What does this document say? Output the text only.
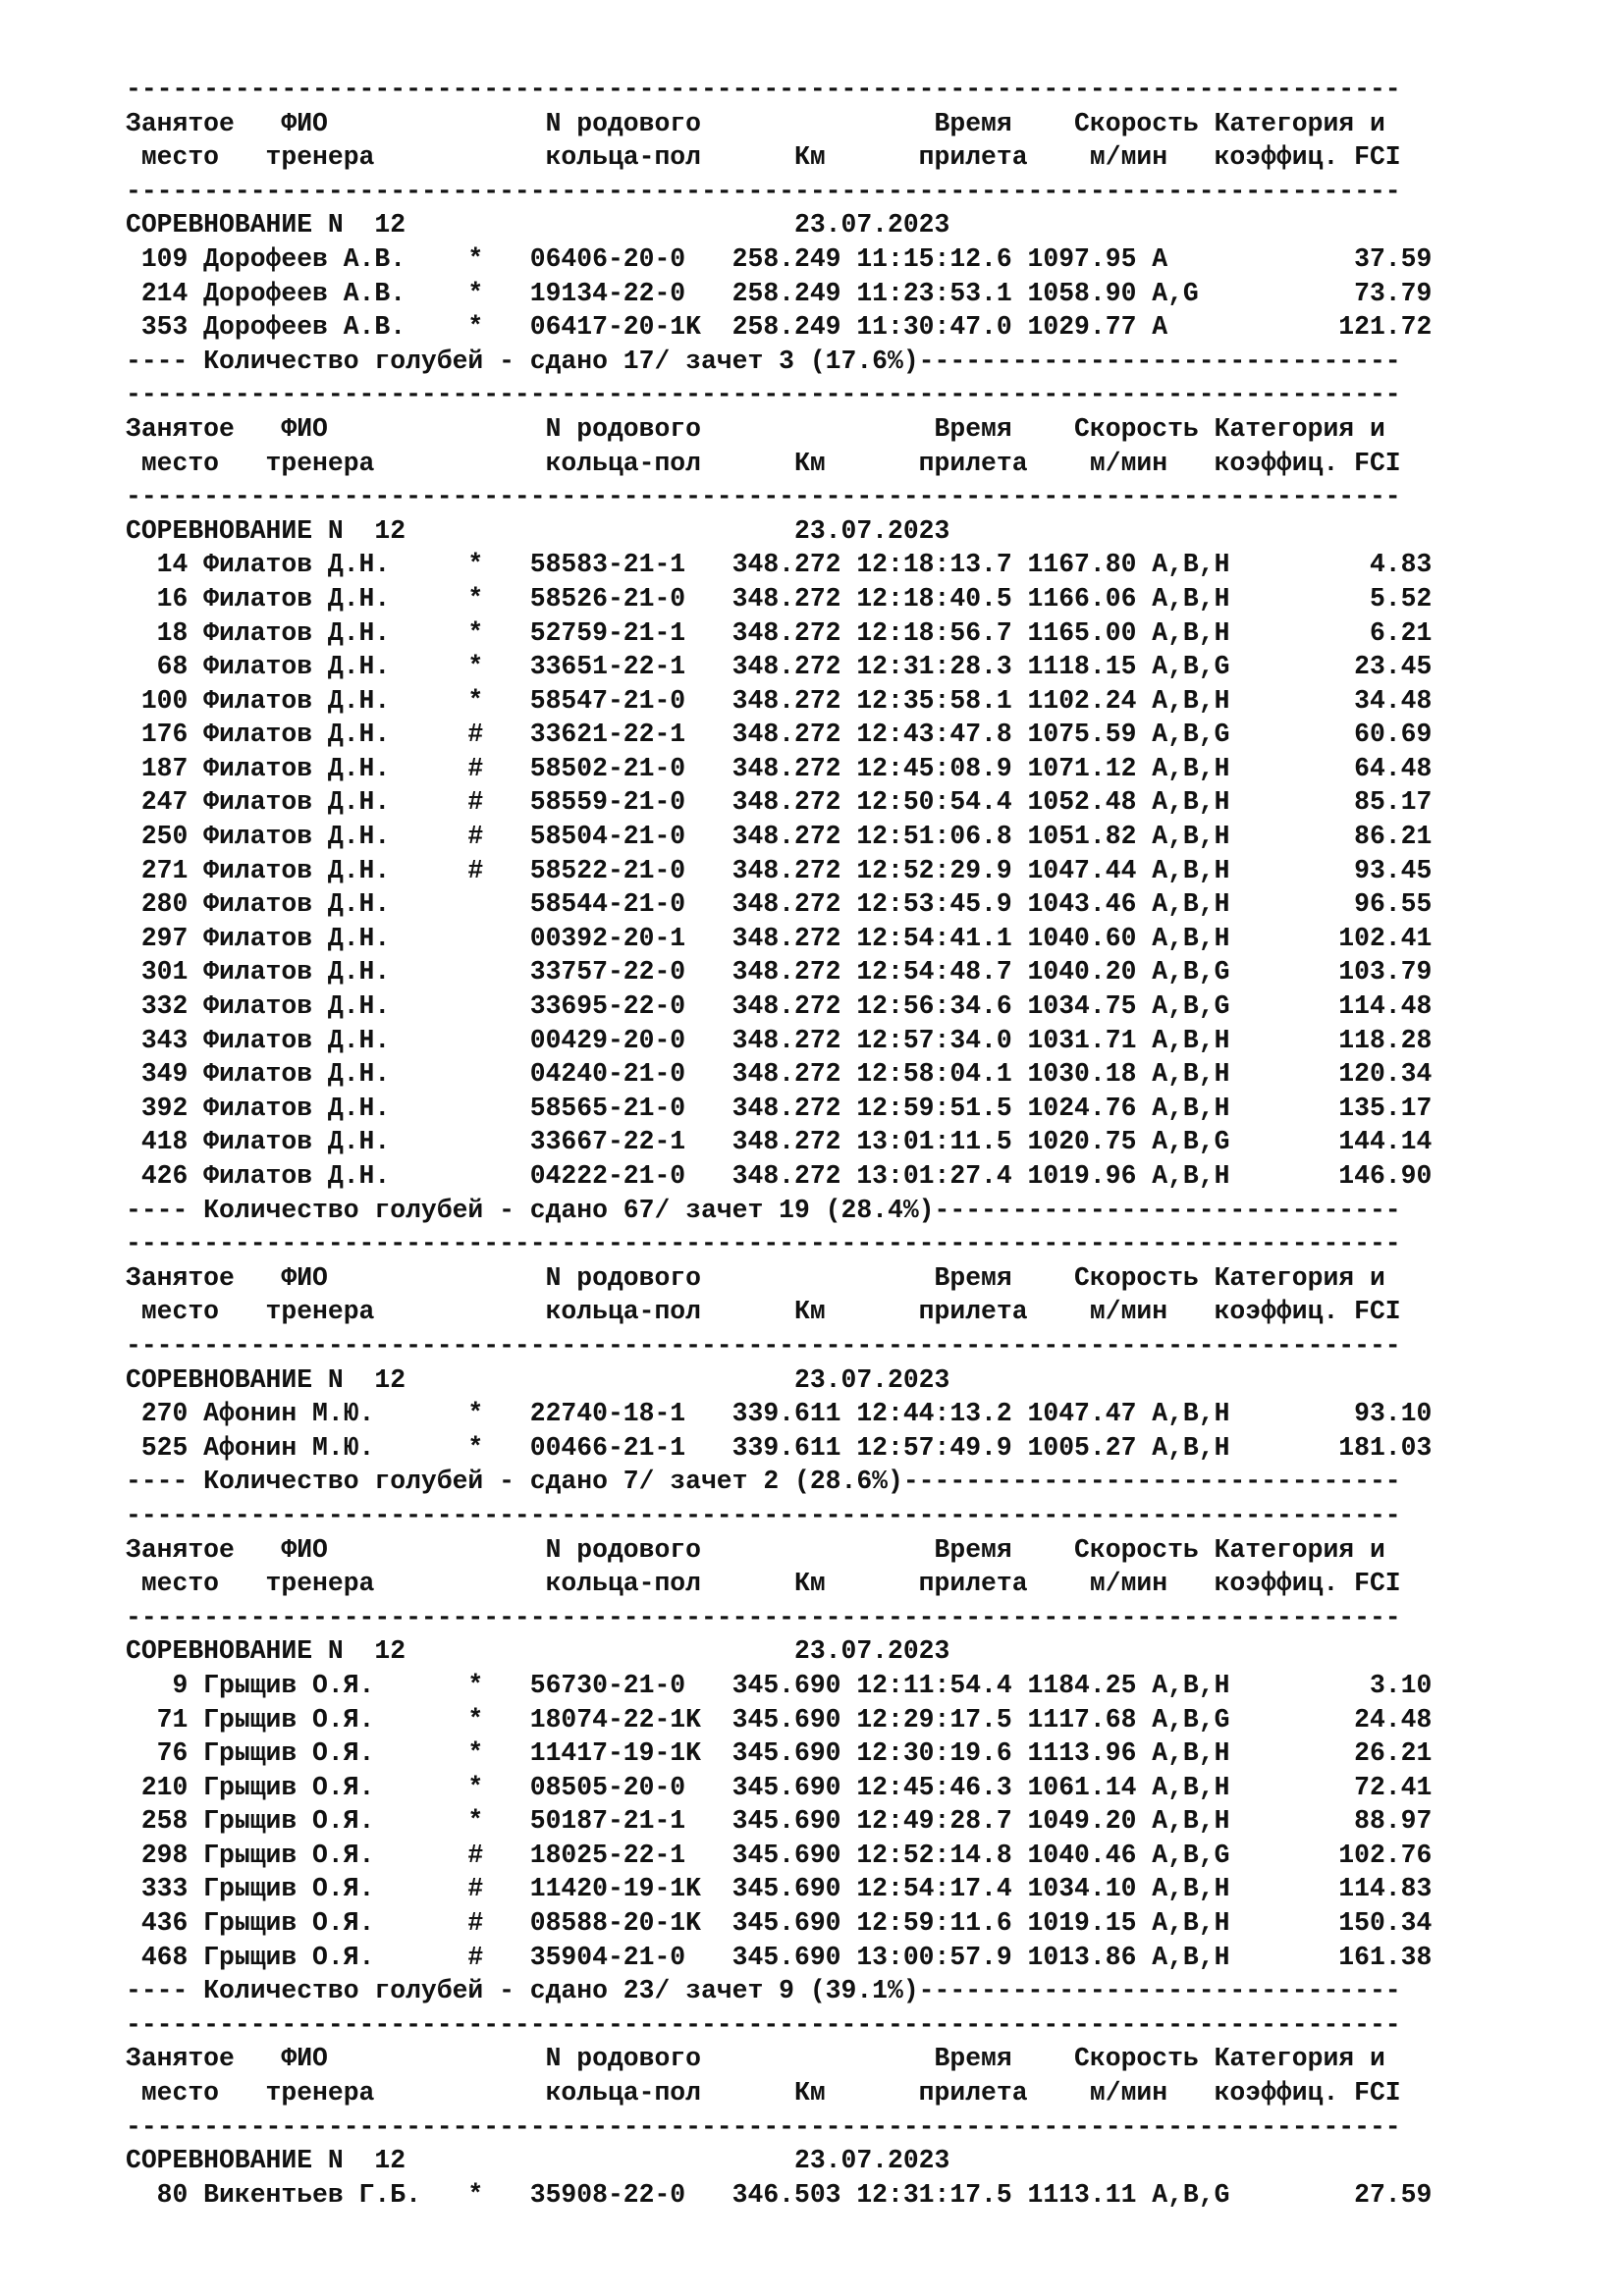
----------------------------------------------------------------------------------
Занятое   ФИО              N родового               Время    Скорость Категория и
место   тренера           кольца-пол      Км      прилета    м/мин   коэффиц. FCI
----------------------------------------------------------------------------------
СОРЕВНОВАНИЕ N  12                         23.07.2023
109 Дорофеев А.В.    *   06406-20-0   258.249 11:15:12.6 1097.95 A            37.59
214 Дорофеев А.В.    *   19134-22-0   258.249 11:23:53.1 1058.90 A,G          73.79
353 Дорофеев А.В.    *   06417-20-1K  258.249 11:30:47.0 1029.77 A           121.72
---- Количество голубей - сдано 17/ зачет 3 (17.6%)-------------------------------
----------------------------------------------------------------------------------
Занятое   ФИО              N родового               Время    Скорость Категория и
место   тренера           кольца-пол      Км      прилета    м/мин   коэффиц. FCI
----------------------------------------------------------------------------------
СОРЕВНОВАНИЕ N  12                         23.07.2023
14 Филатов Д.Н.     *   58583-21-1   348.272 12:18:13.7 1167.80 A,B,H         4.83
16 Филатов Д.Н.     *   58526-21-0   348.272 12:18:40.5 1166.06 A,B,H         5.52
18 Филатов Д.Н.     *   52759-21-1   348.272 12:18:56.7 1165.00 A,B,H         6.21
68 Филатов Д.Н.     *   33651-22-1   348.272 12:31:28.3 1118.15 A,B,G        23.45
100 Филатов Д.Н.     *   58547-21-0   348.272 12:35:58.1 1102.24 A,B,H        34.48
176 Филатов Д.Н.     #   33621-22-1   348.272 12:43:47.8 1075.59 A,B,G        60.69
187 Филатов Д.Н.     #   58502-21-0   348.272 12:45:08.9 1071.12 A,B,H        64.48
247 Филатов Д.Н.     #   58559-21-0   348.272 12:50:54.4 1052.48 A,B,H        85.17
250 Филатов Д.Н.     #   58504-21-0   348.272 12:51:06.8 1051.82 A,B,H        86.21
271 Филатов Д.Н.     #   58522-21-0   348.272 12:52:29.9 1047.44 A,B,H        93.45
280 Филатов Д.Н.         58544-21-0   348.272 12:53:45.9 1043.46 A,B,H        96.55
297 Филатов Д.Н.         00392-20-1   348.272 12:54:41.1 1040.60 A,B,H       102.41
301 Филатов Д.Н.         33757-22-0   348.272 12:54:48.7 1040.20 A,B,G       103.79
332 Филатов Д.Н.         33695-22-0   348.272 12:56:34.6 1034.75 A,B,G       114.48
343 Филатов Д.Н.         00429-20-0   348.272 12:57:34.0 1031.71 A,B,H       118.28
349 Филатов Д.Н.         04240-21-0   348.272 12:58:04.1 1030.18 A,B,H       120.34
392 Филатов Д.Н.         58565-21-0   348.272 12:59:51.5 1024.76 A,B,H       135.17
418 Филатов Д.Н.         33667-22-1   348.272 13:01:11.5 1020.75 A,B,G       144.14
426 Филатов Д.Н.         04222-21-0   348.272 13:01:27.4 1019.96 A,B,H       146.90
---- Количество голубей - сдано 67/ зачет 19 (28.4%)------------------------------
----------------------------------------------------------------------------------
Занятое   ФИО              N родового               Время    Скорость Категория и
место   тренера           кольца-пол      Км      прилета    м/мин   коэффиц. FCI
----------------------------------------------------------------------------------
СОРЕВНОВАНИЕ N  12                         23.07.2023
270 Афонин М.Ю.      *   22740-18-1   339.611 12:44:13.2 1047.47 A,B,H        93.10
525 Афонин М.Ю.      *   00466-21-1   339.611 12:57:49.9 1005.27 A,B,H       181.03
---- Количество голубей - сдано 7/ зачет 2 (28.6%)--------------------------------
----------------------------------------------------------------------------------
Занятое   ФИО              N родового               Время    Скорость Категория и
место   тренера           кольца-пол      Км      прилета    м/мин   коэффиц. FCI
----------------------------------------------------------------------------------
СОРЕВНОВАНИЕ N  12                         23.07.2023
9 Грыщив О.Я.      *   56730-21-0   345.690 12:11:54.4 1184.25 A,B,H         3.10
71 Грыщив О.Я.      *   18074-22-1K  345.690 12:29:17.5 1117.68 A,B,G        24.48
76 Грыщив О.Я.      *   11417-19-1K  345.690 12:30:19.6 1113.96 A,B,H        26.21
210 Грыщив О.Я.      *   08505-20-0   345.690 12:45:46.3 1061.14 A,B,H        72.41
258 Грыщив О.Я.      *   50187-21-1   345.690 12:49:28.7 1049.20 A,B,H        88.97
298 Грыщив О.Я.      #   18025-22-1   345.690 12:52:14.8 1040.46 A,B,G       102.76
333 Грыщив О.Я.      #   11420-19-1K  345.690 12:54:17.4 1034.10 A,B,H       114.83
436 Грыщив О.Я.      #   08588-20-1K  345.690 12:59:11.6 1019.15 A,B,H       150.34
468 Грыщив О.Я.      #   35904-21-0   345.690 13:00:57.9 1013.86 A,B,H       161.38
---- Количество голубей - сдано 23/ зачет 9 (39.1%)-------------------------------
----------------------------------------------------------------------------------
Занятое   ФИО              N родового               Время    Скорость Категория и
место   тренера           кольца-пол      Км      прилета    м/мин   коэффиц. FCI
----------------------------------------------------------------------------------
СОРЕВНОВАНИЕ N  12                         23.07.2023
80 Викентьев Г.Б.   *   35908-22-0   346.503 12:31:17.5 1113.11 A,B,G        27.59
